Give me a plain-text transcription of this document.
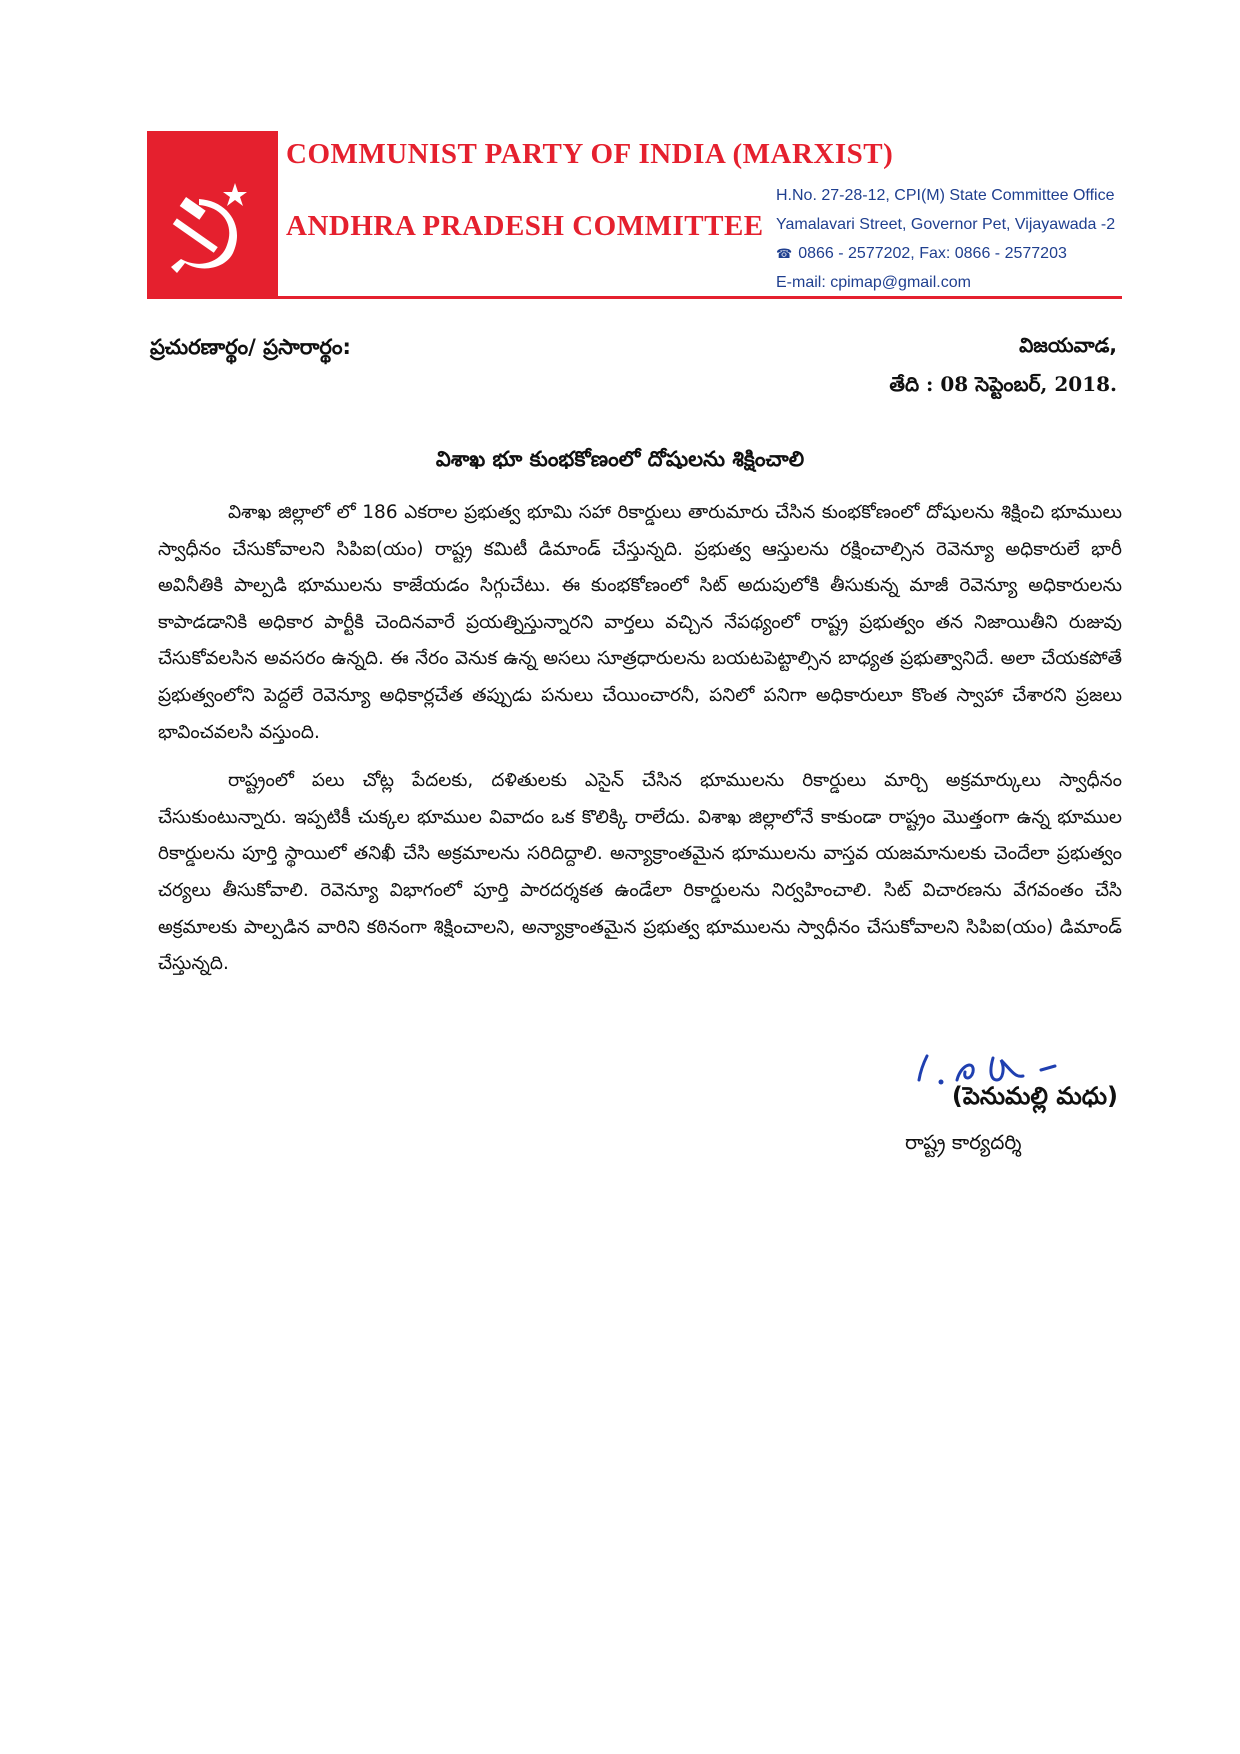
COMMUNIST PARTY OF INDIA (MARXIST)
ANDHRA PRADESH COMMITTEE
H.No. 27-28-12, CPI(M) State Committee Office
Yamalavari Street, Governor Pet, Vijayawada -2
☎ 0866 - 2577202, Fax: 0866 - 2577203
E-mail: cpimap@gmail.com
ప్రచురణార్థం/ ప్రసారార్థం:	విజయవాడ,
తేది : 08 సెప్టెంబర్, 2018.
విశాఖ భూ కుంభకోణంలో దోషులను శిక్షించాలి

విశాఖ జిల్లాలో లో 186 ఎకరాల ప్రభుత్వ భూమి సహా రికార్డులు తారుమారు చేసిన కుంభకోణంలో దోషులను శిక్షించి భూములు స్వాధీనం చేసుకోవాలని సిపిఐ(యం) రాష్ట్ర కమిటీ డిమాండ్ చేస్తున్నది. ప్రభుత్వ ఆస్తులను రక్షించాల్సిన రెవెన్యూ అధికారులే భారీ అవినీతికి పాల్పడి భూములను కాజేయడం సిగ్గుచేటు. ఈ కుంభకోణంలో సిట్ అదుపులోకి తీసుకున్న మాజీ రెవెన్యూ అధికారులను కాపాడడానికి అధికార పార్టీకి చెందినవారే ప్రయత్నిస్తున్నారని వార్తలు వచ్చిన నేపథ్యంలో రాష్ట్ర ప్రభుత్వం తన నిజాయితీని రుజువు చేసుకోవలసిన అవసరం ఉన్నది. ఈ నేరం వెనుక ఉన్న అసలు సూత్రధారులను బయటపెట్టాల్సిన బాధ్యత ప్రభుత్వానిదే. అలా చేయకపోతే ప్రభుత్వంలోని పెద్దలే రెవెన్యూ అధికార్లచేత తప్పుడు పనులు చేయించారనీ, పనిలో పనిగా అధికారులూ కొంత స్వాహా చేశారని ప్రజలు భావించవలసి వస్తుంది.

రాష్ట్రంలో పలు చోట్ల పేదలకు, దళితులకు ఎసైన్ చేసిన భూములను రికార్డులు మార్చి అక్రమార్కులు స్వాధీనం చేసుకుంటున్నారు. ఇప్పటికీ చుక్కల భూముల వివాదం ఒక కొలిక్కి రాలేదు. విశాఖ జిల్లాలోనే కాకుండా రాష్ట్రం మొత్తంగా ఉన్న భూముల రికార్డులను పూర్తి స్థాయిలో తనిఖీ చేసి అక్రమాలను సరిదిద్దాలి. అన్యాక్రాంతమైన భూములను వాస్తవ యజమానులకు చెందేలా ప్రభుత్వం చర్యలు తీసుకోవాలి. రెవెన్యూ విభాగంలో పూర్తి పారదర్శకత ఉండేలా రికార్డులను నిర్వహించాలి. సిట్ విచారణను వేగవంతం చేసి అక్రమాలకు పాల్పడిన వారిని కఠినంగా శిక్షించాలని, అన్యాక్రాంతమైన ప్రభుత్వ భూములను స్వాధీనం చేసుకోవాలని సిపిఐ(యం) డిమాండ్ చేస్తున్నది.

(పెనుమల్లి మధు)
రాష్ట్ర కార్యదర్శి
